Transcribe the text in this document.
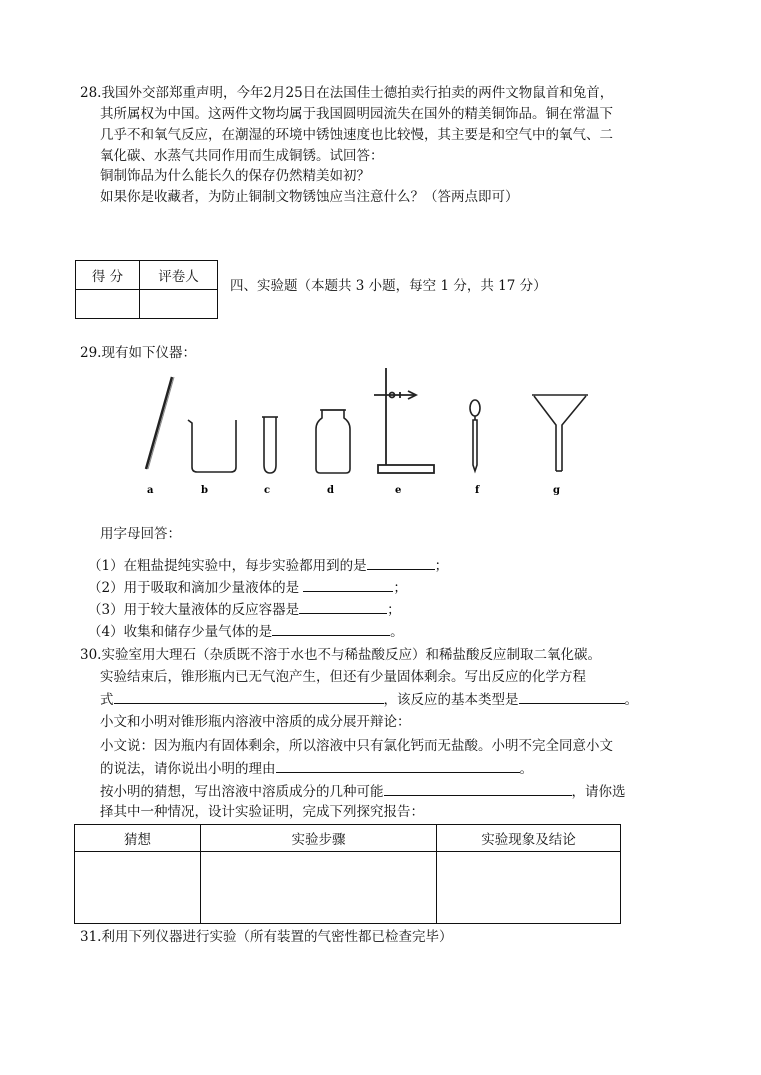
28.我国外交部郑重声明，今年2月25日在法国佳士德拍卖行拍卖的两件文物鼠首和兔首，
其所属权为中国。这两件文物均属于我国圆明园流失在国外的精美铜饰品。铜在常温下
几乎不和氧气反应，在潮湿的环境中锈蚀速度也比较慢，其主要是和空气中的氧气、二
氧化碳、水蒸气共同作用而生成铜锈。试回答：
铜制饰品为什么能长久的保存仍然精美如初？
如果你是收藏者，为防止铜制文物锈蚀应当注意什么？（答两点即可）
得 分	评卷人

四、实验题（本题共 3 小题，每空 1 分，共 17 分）
29.现有如下仪器：
a	b	c	d	e	f	g
用字母回答：
（1）在粗盐提纯实验中，每步实验都用到的是	；
（2）用于吸取和滴加少量液体的是	；
（3）用于较大量液体的反应容器是	；
（4）收集和储存少量气体的是	。
30.实验室用大理石（杂质既不溶于水也不与稀盐酸反应）和稀盐酸反应制取二氧化碳。
实验结束后，锥形瓶内已无气泡产生，但还有少量固体剩余。写出反应的化学方程
式	，该反应的基本类型是	。
小文和小明对锥形瓶内溶液中溶质的成分展开辩论：
小文说：因为瓶内有固体剩余，所以溶液中只有氯化钙而无盐酸。小明不完全同意小文
的说法，请你说出小明的理由	。
按小明的猜想，写出溶液中溶质成分的几种可能	，请你选
择其中一种情况，设计实验证明，完成下列探究报告：
猜想	实验步骤	实验现象及结论

31.利用下列仪器进行实验（所有装置的气密性都已检查完毕）
